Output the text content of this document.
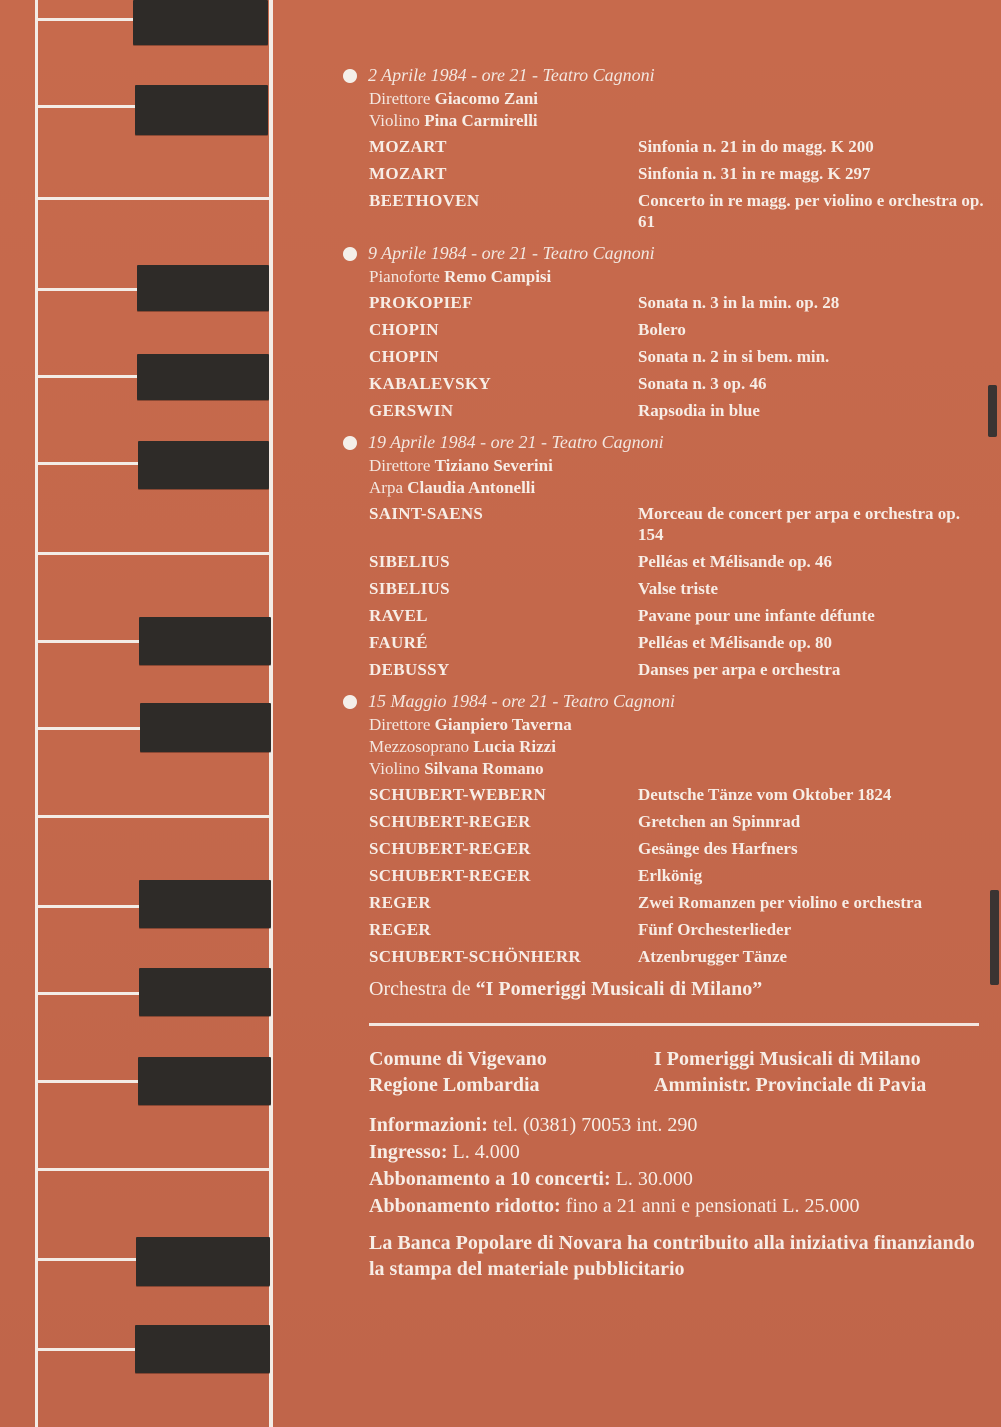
2 Aprile 1984 - ore 21 - Teatro Cagnoni
Direttore Giacomo Zani
Violino Pina Carmirelli
MOZART	Sinfonia n. 21 in do magg. K 200
MOZART	Sinfonia n. 31 in re magg. K 297
BEETHOVEN	Concerto in re magg. per violino e orchestra op. 61
9 Aprile 1984 - ore 21 - Teatro Cagnoni
Pianoforte Remo Campisi
PROKOPIEF	Sonata n. 3 in la min. op. 28
CHOPIN	Bolero
CHOPIN	Sonata n. 2 in si bem. min.
KABALEVSKY	Sonata n. 3 op. 46
GERSWIN	Rapsodia in blue
19 Aprile 1984 - ore 21 - Teatro Cagnoni
Direttore Tiziano Severini
Arpa Claudia Antonelli
SAINT-SAENS	Morceau de concert per arpa e orchestra op. 154
SIBELIUS	Pelléas et Mélisande op. 46
SIBELIUS	Valse triste
RAVEL	Pavane pour une infante défunte
FAURÉ	Pelléas et Mélisande op. 80
DEBUSSY	Danses per arpa e orchestra
15 Maggio 1984 - ore 21 - Teatro Cagnoni
Direttore Gianpiero Taverna
Mezzosoprano Lucia Rizzi
Violino Silvana Romano
SCHUBERT-WEBERN	Deutsche Tänze vom Oktober 1824
SCHUBERT-REGER	Gretchen an Spinnrad
SCHUBERT-REGER	Gesänge des Harfners
SCHUBERT-REGER	Erlkönig
REGER	Zwei Romanzen per violino e orchestra
REGER	Fünf Orchesterlieder
SCHUBERT-SCHÖNHERR	Atzenbrugger Tänze
Orchestra de “I Pomeriggi Musicali di Milano”
Comune di Vigevano
Regione Lombardia
I Pomeriggi Musicali di Milano
Amministr. Provinciale di Pavia
Informazioni: tel. (0381) 70053 int. 290
Ingresso: L. 4.000
Abbonamento a 10 concerti: L. 30.000
Abbonamento ridotto: fino a 21 anni e pensionati L. 25.000
La Banca Popolare di Novara ha contribuito alla iniziativa finanziando la stampa del materiale pubblicitario
